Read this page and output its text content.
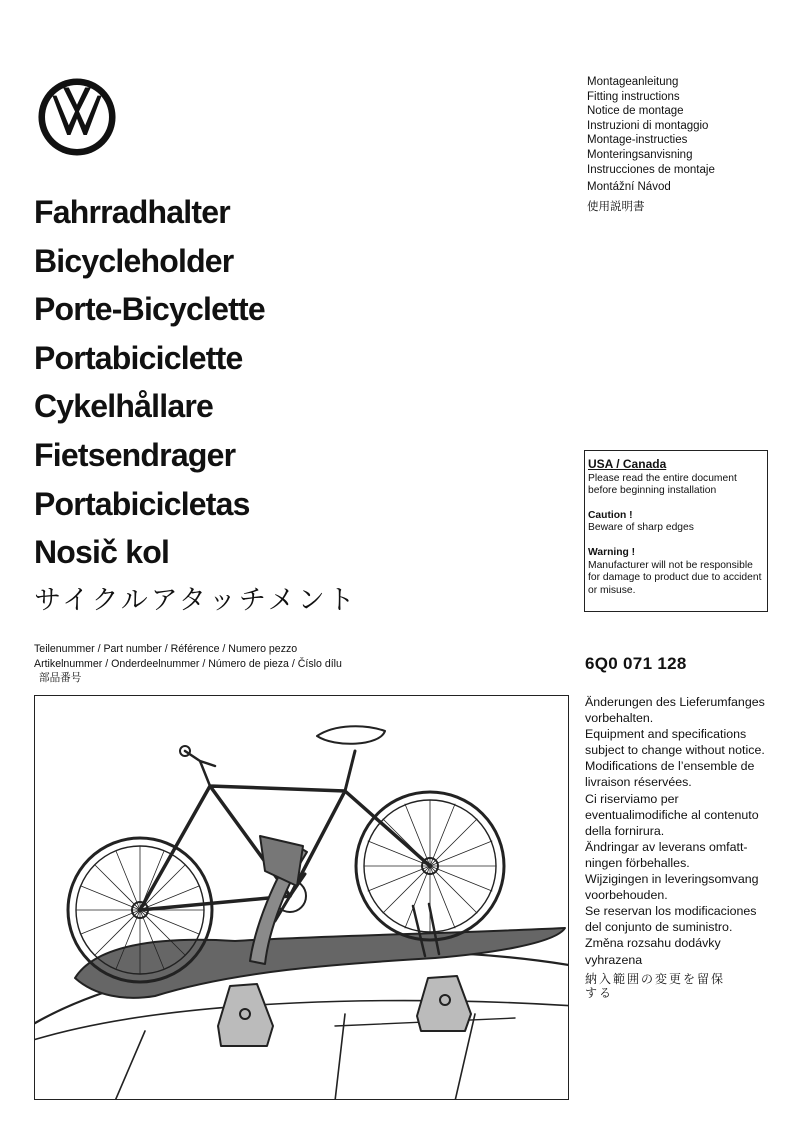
Fahrradhalter
Bicycleholder
Porte-Bicyclette
Portabiciclette
Cykelhållare
Fietsendrager
Portabicicletas
Nosič kol
サイクルアタッチメント
Montageanleitung
Fitting instructions
Notice de montage
Instruzioni di montaggio
Montage-instructies
Monteringsanvisning
Instrucciones de montaje
Montážní Návod
使用説明書
USA / Canada
Please read the entire document before beginning installation
Caution !
Beware of sharp edges
Warning !
Manufacturer will not be responsible for damage to product due to accident or misuse.
Teilenummer / Part number / Référence / Numero pezzo
Artikelnummer / Onderdeelnummer / Número de pieza / Číslo dílu
部品番号
6Q0 071 128
Änderungen des Lieferumfanges
vorbehalten.
Equipment and specifications
subject to change without notice.
Modifications de l’ensemble de
livraison réservées.
Ci riserviamo per
eventualimodifiche al contenuto
della fornirura.
Ändringar av leverans omfatt-
ningen förbehalles.
Wijzigingen in leveringsomvang
voorbehouden.
Se reservan los modificaciones
del conjunto de suministro.
Změna rozsahu dodávky
vyhrazena
納入範囲の変更を留保
する
